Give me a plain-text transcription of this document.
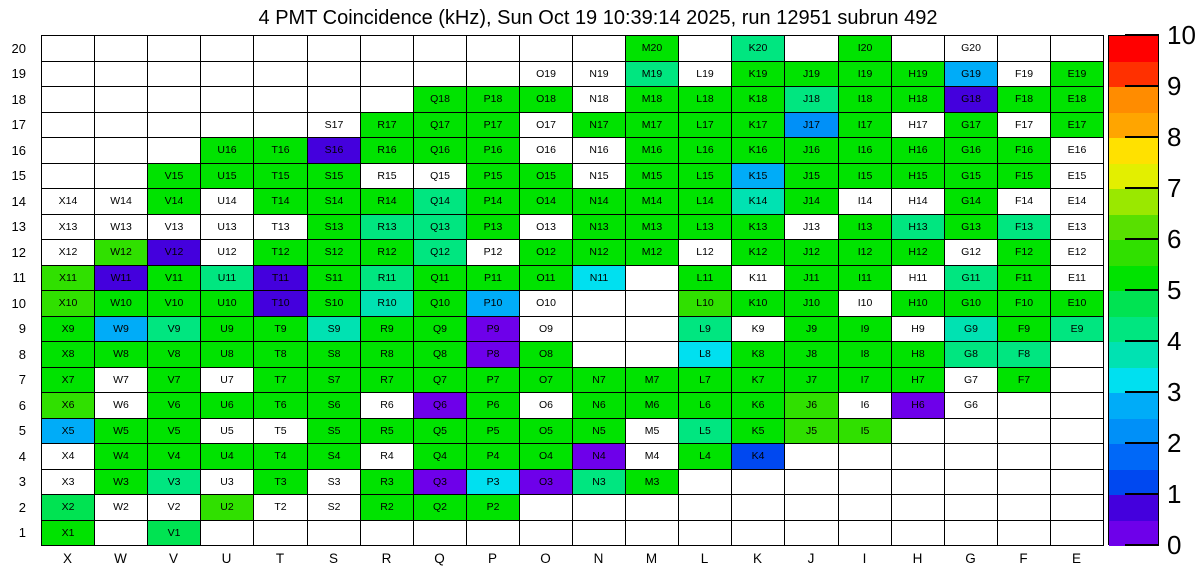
4 PMT Coincidence (kHz), Sun Oct 19 10:39:14 2025, run 12951 subrun 492
M20	K20	I20	G20
O19	N19	M19	L19	K19	J19	I19	H19	G19	F19	E19
Q18	P18	O18	N18	M18	L18	K18	J18	I18	H18	G18	F18	E18
S17	R17	Q17	P17	O17	N17	M17	L17	K17	J17	I17	H17	G17	F17	E17
U16	T16	S16	R16	Q16	P16	O16	N16	M16	L16	K16	J16	I16	H16	G16	F16	E16
V15	U15	T15	S15	R15	Q15	P15	O15	N15	M15	L15	K15	J15	I15	H15	G15	F15	E15
X14	W14	V14	U14	T14	S14	R14	Q14	P14	O14	N14	M14	L14	K14	J14	I14	H14	G14	F14	E14
X13	W13	V13	U13	T13	S13	R13	Q13	P13	O13	N13	M13	L13	K13	J13	I13	H13	G13	F13	E13
X12	W12	V12	U12	T12	S12	R12	Q12	P12	O12	N12	M12	L12	K12	J12	I12	H12	G12	F12	E12
X11	W11	V11	U11	T11	S11	R11	Q11	P11	O11	N11	L11	K11	J11	I11	H11	G11	F11	E11
X10	W10	V10	U10	T10	S10	R10	Q10	P10	O10	L10	K10	J10	I10	H10	G10	F10	E10
X9	W9	V9	U9	T9	S9	R9	Q9	P9	O9	L9	K9	J9	I9	H9	G9	F9	E9
X8	W8	V8	U8	T8	S8	R8	Q8	P8	O8	L8	K8	J8	I8	H8	G8	F8
X7	W7	V7	U7	T7	S7	R7	Q7	P7	O7	N7	M7	L7	K7	J7	I7	H7	G7	F7
X6	W6	V6	U6	T6	S6	R6	Q6	P6	O6	N6	M6	L6	K6	J6	I6	H6	G6
X5	W5	V5	U5	T5	S5	R5	Q5	P5	O5	N5	M5	L5	K5	J5	I5
X4	W4	V4	U4	T4	S4	R4	Q4	P4	O4	N4	M4	L4	K4
X3	W3	V3	U3	T3	S3	R3	Q3	P3	O3	N3	M3
X2	W2	V2	U2	T2	S2	R2	Q2	P2
X1	V1
20
19
18
17
16
15
14
13
12
11
10
9
8
7
6
5
4
3
2
1
X	W	V	U	T	S	R	Q	P	O	N	M	L	K	J	I	H	G	F	E
10
9
8
7
6
5
4
3
2
1
0
